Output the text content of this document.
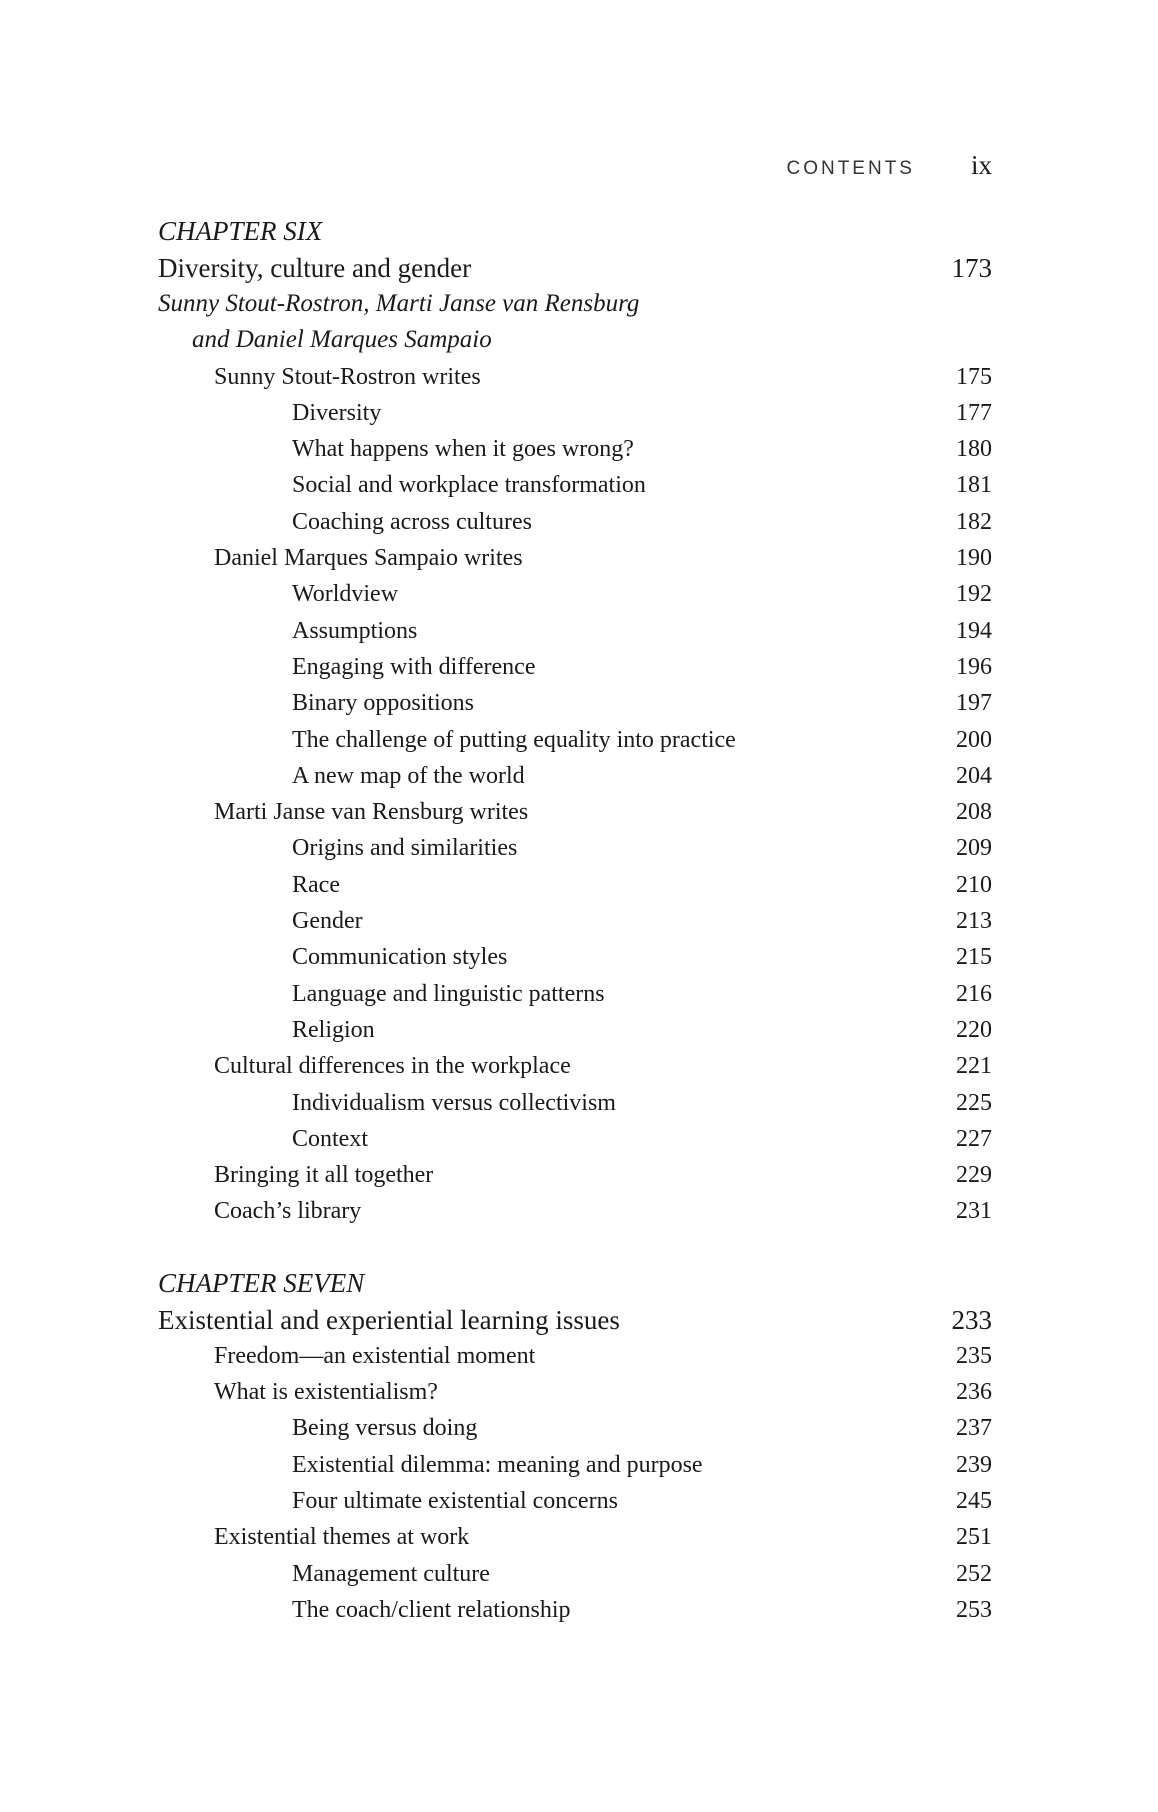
CONTENTS ix
CHAPTER SIX
Diversity, culture and gender	173
Sunny Stout-Rostron, Marti Janse van Rensburg
and Daniel Marques Sampaio
Sunny Stout-Rostron writes	175
Diversity	177
What happens when it goes wrong?	180
Social and workplace transformation	181
Coaching across cultures	182
Daniel Marques Sampaio writes	190
Worldview	192
Assumptions	194
Engaging with difference	196
Binary oppositions	197
The challenge of putting equality into practice	200
A new map of the world	204
Marti Janse van Rensburg writes	208
Origins and similarities	209
Race	210
Gender	213
Communication styles	215
Language and linguistic patterns	216
Religion	220
Cultural differences in the workplace	221
Individualism versus collectivism	225
Context	227
Bringing it all together	229
Coach’s library	231
CHAPTER SEVEN
Existential and experiential learning issues	233
Freedom—an existential moment	235
What is existentialism?	236
Being versus doing	237
Existential dilemma: meaning and purpose	239
Four ultimate existential concerns	245
Existential themes at work	251
Management culture	252
The coach/client relationship	253
